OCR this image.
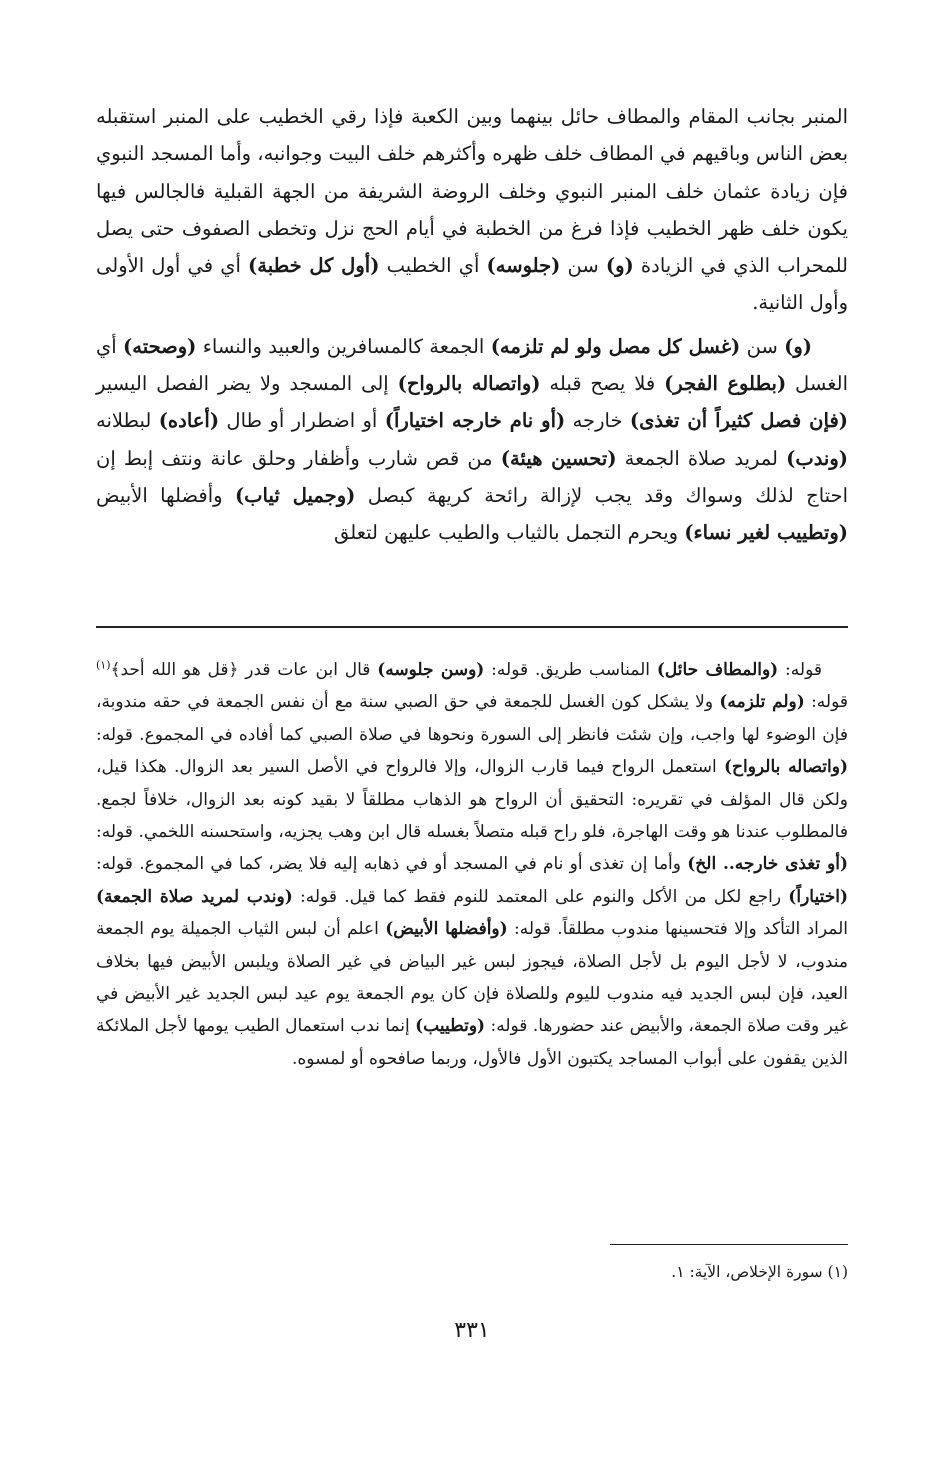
المنبر بجانب المقام والمطاف حائل بينهما وبين الكعبة فإذا رقي الخطيب على المنبر استقبله بعض الناس وباقيهم في المطاف خلف ظهره وأكثرهم خلف البيت وجوانبه، وأما المسجد النبوي فإن زيادة عثمان خلف المنبر النبوي وخلف الروضة الشريفة من الجهة القبلية فالجالس فيها يكون خلف ظهر الخطيب فإذا فرغ من الخطبة في أيام الحج نزل وتخطى الصفوف حتى يصل للمحراب الذي في الزيادة (و) سن (جلوسه) أي الخطيب (أول كل خطبة) أي في أول الأولى وأول الثانية.

(و) سن (غسل كل مصل ولو لم تلزمه) الجمعة كالمسافرين والعبيد والنساء (وصحته) أي الغسل (بطلوع الفجر) فلا يصح قبله (واتصاله بالرواح) إلى المسجد ولا يضر الفصل اليسير (فإن فصل كثيراً أن تغذى) خارجه (أو نام خارجه اختياراً) أو اضطرار أو طال (أعاده) لبطلانه (وندب) لمريد صلاة الجمعة (تحسين هيئة) من قص شارب وأظفار وحلق عانة ونتف إبط إن احتاج لذلك وسواك وقد يجب لإزالة رائحة كريهة كبصل (وجميل ثياب) وأفضلها الأبيض (وتطييب لغير نساء) ويحرم التجمل بالثياب والطيب عليهن لتعلق

قوله: (والمطاف حائل) المناسب طريق. قوله: (وسن جلوسه) قال ابن عات قدر ﴿قل هو الله أحد﴾$^{(١)}$ قوله: (ولم تلزمه) ولا يشكل كون الغسل للجمعة في حق الصبي سنة مع أن نفس الجمعة في حقه مندوبة، فإن الوضوء لها واجب، وإن شئت فانظر إلى السورة ونحوها في صلاة الصبي كما أفاده في المجموع. قوله: (واتصاله بالرواح) استعمل الرواح فيما قارب الزوال، وإلا فالرواح في الأصل السير بعد الزوال. هكذا قيل، ولكن قال المؤلف في تقريره: التحقيق أن الرواح هو الذهاب مطلقاً لا بقيد كونه بعد الزوال، خلافاً لجمع. فالمطلوب عندنا هو وقت الهاجرة، فلو راح قبله متصلاً بغسله قال ابن وهب يجزيه، واستحسنه اللخمي. قوله: (أو تغذى خارجه.. الخ) وأما إن تغذى أو نام في المسجد أو في ذهابه إليه فلا يضر، كما في المجموع. قوله: (اختياراً) راجع لكل من الأكل والنوم على المعتمد للنوم فقط كما قيل. قوله: (وندب لمريد صلاة الجمعة) المراد التأكد وإلا فتحسينها مندوب مطلقاً. قوله: (وأفضلها الأبيض) اعلم أن لبس الثياب الجميلة يوم الجمعة مندوب، لا لأجل اليوم بل لأجل الصلاة، فيجوز لبس غير البياض في غير الصلاة ويلبس الأبيض فيها بخلاف العيد، فإن لبس الجديد فيه مندوب لليوم وللصلاة فإن كان يوم الجمعة يوم عيد لبس الجديد غير الأبيض في غير وقت صلاة الجمعة، والأبيض عند حضورها. قوله: (وتطييب) إنما ندب استعمال الطيب يومها لأجل الملائكة الذين يقفون على أبواب المساجد يكتبون الأول فالأول، وربما صافحوه أو لمسوه.

(١) سورة الإخلاص، الآية: ١.
٣٣١
